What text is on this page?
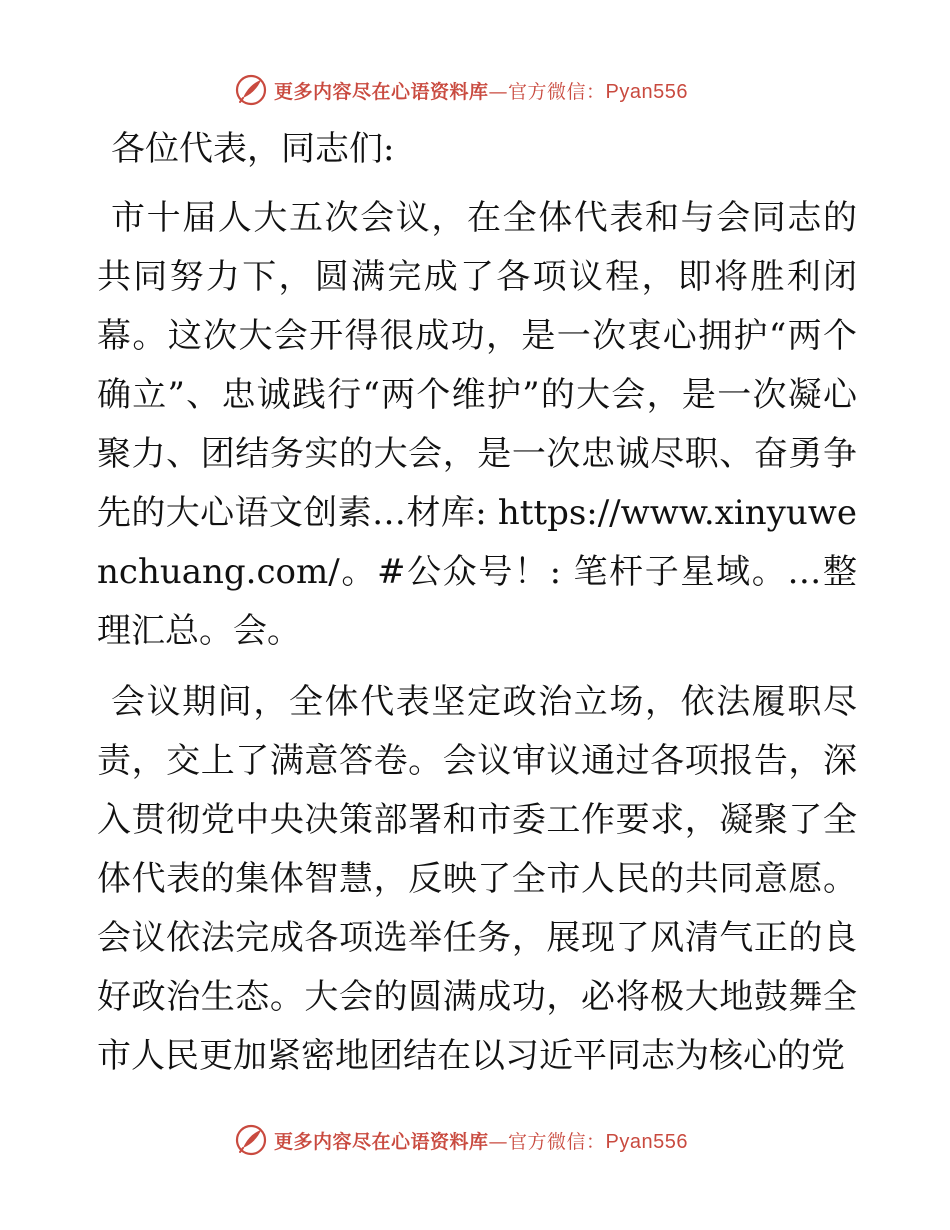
更多内容尽在心语资料库—官方微信：Pyan556

各位代表，同志们:

市十届人大五次会议，在全体代表和与会同志的共同努力下，圆满完成了各项议程，即将胜利闭幕。这次大会开得很成功，是一次衷心拥护“两个确立”、忠诚践行“两个维护”的大会，是一次凝心聚力、团结务实的大会，是一次忠诚尽职、奋勇争先的大心语文创素…材库: https://www.xinyuwenchuang.com/。#公众号！: 笔杆子星域。…整理汇总。会。

会议期间，全体代表坚定政治立场，依法履职尽责，交上了满意答卷。会议审议通过各项报告，深入贯彻党中央决策部署和市委工作要求，凝聚了全体代表的集体智慧，反映了全市人民的共同意愿。会议依法完成各项选举任务，展现了风清气正的良好政治生态。大会的圆满成功，必将极大地鼓舞全市人民更加紧密地团结在以习近平同志为核心的党

更多内容尽在心语资料库—官方微信：Pyan556
